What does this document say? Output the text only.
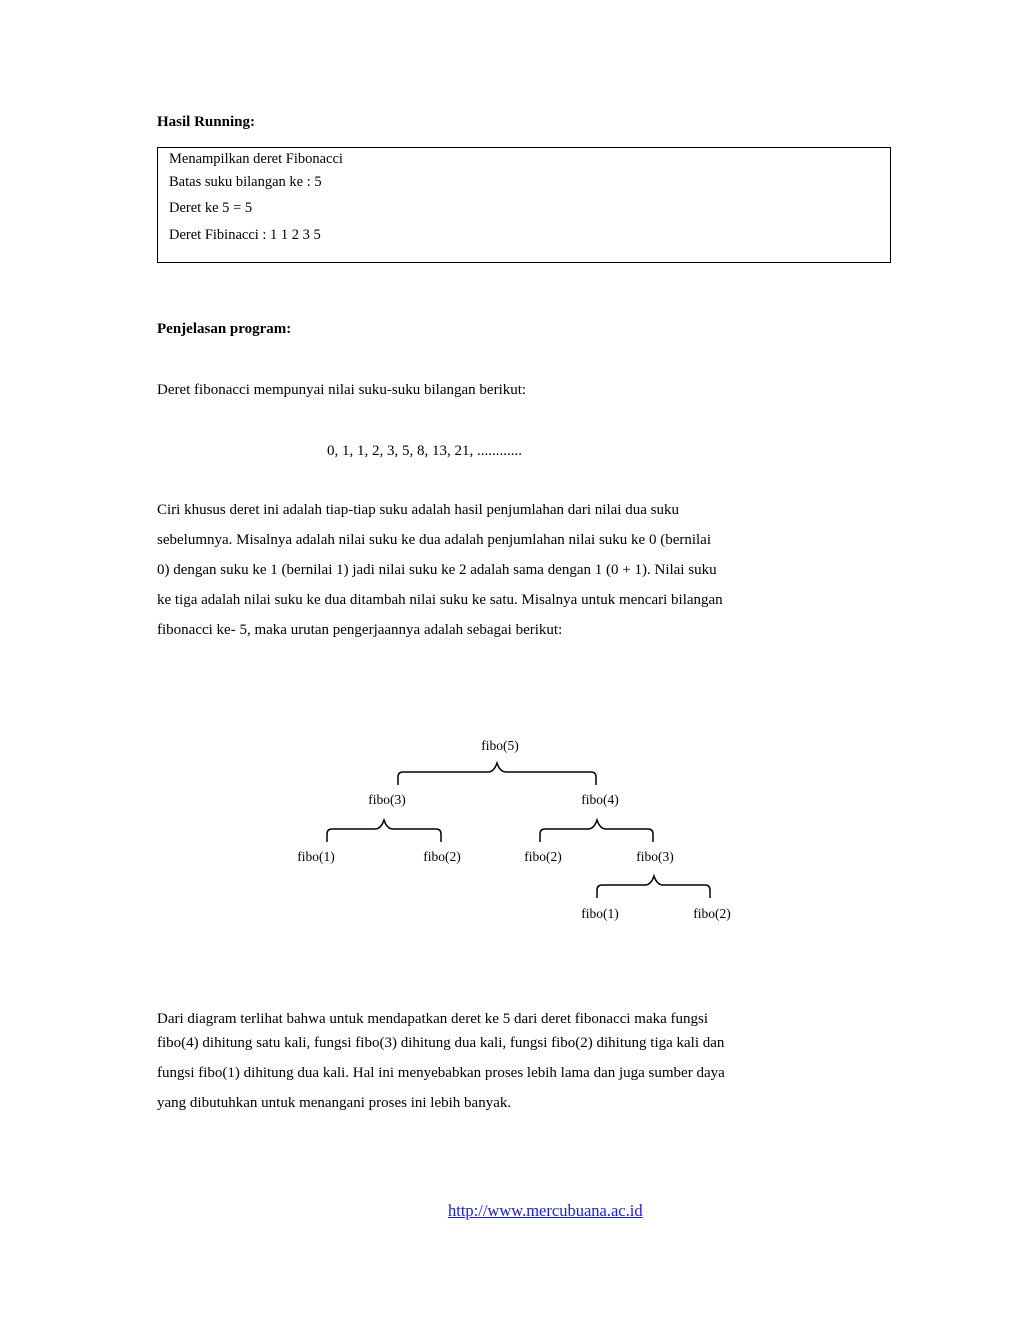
Hasil Running:
Menampilkan deret Fibonacci
Batas suku bilangan ke : 5
Deret ke 5 = 5
Deret Fibinacci : 1 1 2 3 5
Penjelasan program:
Deret fibonacci mempunyai nilai suku-suku bilangan berikut:
0, 1, 1, 2, 3, 5, 8, 13, 21, ............
Ciri khusus deret ini adalah tiap-tiap suku adalah hasil penjumlahan dari nilai dua suku
sebelumnya. Misalnya adalah nilai suku ke dua adalah penjumlahan nilai suku ke 0 (bernilai
0) dengan suku ke 1 (bernilai 1) jadi nilai suku ke 2 adalah sama dengan 1 (0 + 1). Nilai suku
ke tiga adalah nilai suku ke dua ditambah nilai suku ke satu. Misalnya untuk mencari bilangan
fibonacci ke- 5, maka urutan pengerjaannya adalah sebagai berikut:
fibo(5)
fibo(3)	fibo(4)
fibo(1)	fibo(2)	fibo(2)	fibo(3)
fibo(1)	fibo(2)
Dari diagram terlihat bahwa untuk mendapatkan deret ke 5 dari deret fibonacci maka fungsi
fibo(4) dihitung satu kali, fungsi fibo(3) dihitung dua kali, fungsi fibo(2) dihitung tiga kali dan
fungsi fibo(1) dihitung dua kali. Hal ini menyebabkan proses lebih lama dan juga sumber daya
yang dibutuhkan untuk menangani proses ini lebih banyak.
http://www.mercubuana.ac.id
